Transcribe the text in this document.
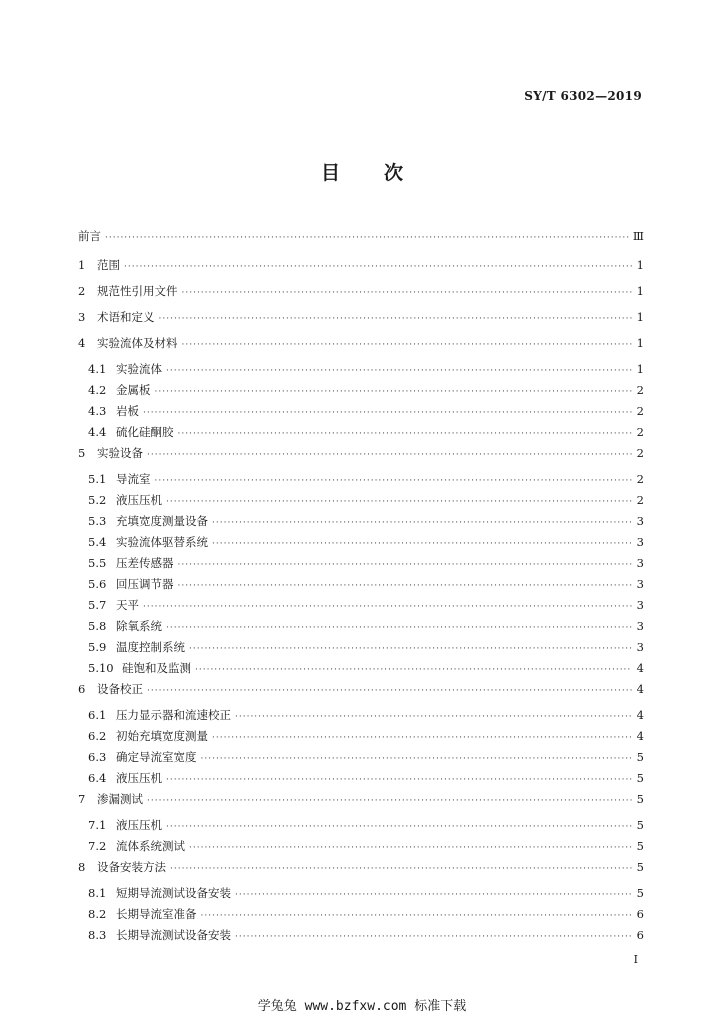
SY/T 6302—2019
目 次
前言 ·····	Ⅲ
1	范围 ·····	1
2	规范性引用文件 ·····	1
3	术语和定义 ·····	1
4	实验流体及材料 ·····	1
4.1 实验流体 ·····	1
4.2 金属板 ·····	2
4.3 岩板 ·····	2
4.4 硫化硅酮胶 ·····	2
5	实验设备 ·····	2
5.1 导流室 ·····	2
5.2 液压压机 ·····	2
5.3 充填宽度测量设备 ·····	3
5.4 实验流体驱替系统 ·····	3
5.5 压差传感器 ·····	3
5.6 回压调节器 ·····	3
5.7 天平 ·····	3
5.8 除氧系统 ·····	3
5.9 温度控制系统 ·····	3
5.10 硅饱和及监测 ·····	4
6	设备校正 ·····	4
6.1 压力显示器和流速校正 ·····	4
6.2 初始充填宽度测量 ·····	4
6.3 确定导流室宽度 ·····	5
6.4 液压压机 ·····	5
7	渗漏测试 ·····	5
7.1 液压压机 ·····	5
7.2 流体系统测试 ·····	5
8	设备安装方法 ·····	5
8.1 短期导流测试设备安装 ·····	5
8.2 长期导流室准备 ·····	6
8.3 长期导流测试设备安装 ·····	6
I
学兔兔 www.bzfxw.com 标准下载
